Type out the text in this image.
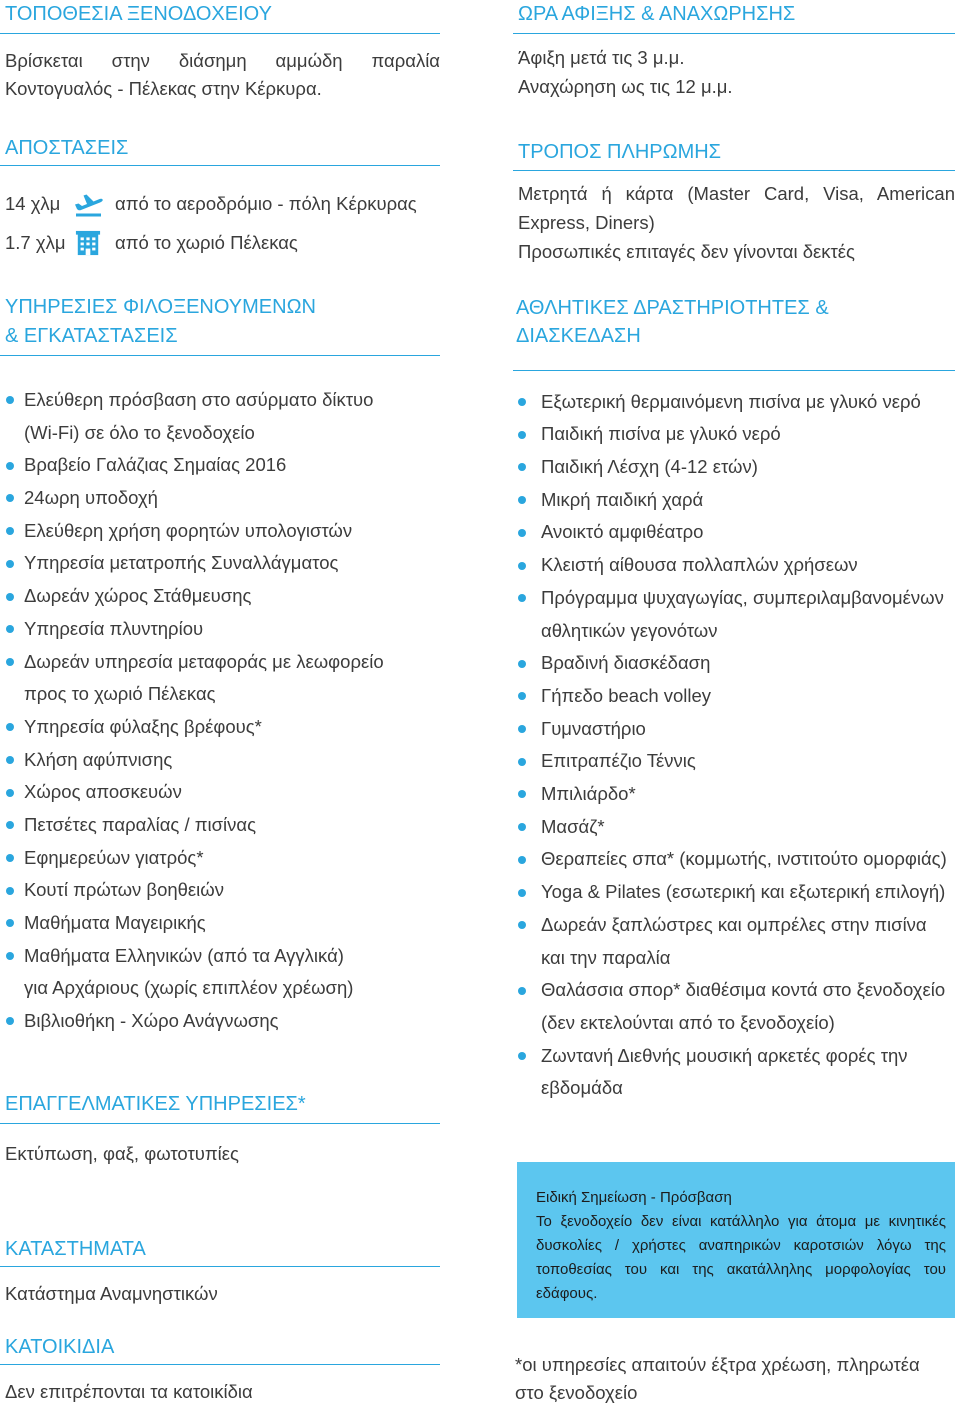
ΤΟΠΟΘΕΣΙΑ ΞΕΝΟΔΟΧΕΙΟΥ
Βρίσκεται στην διάσημη αμμώδη παραλία
Κοντογυαλός - Πέλεκας στην Κέρκυρα.
ΑΠΟΣΤΑΣΕΙΣ
14 χλμ	από το αεροδρόμιο - πόλη Κέρκυρας
1.7 χλμ	από το χωριό Πέλεκας
ΥΠΗΡΕΣΙΕΣ ΦΙΛΟΞΕΝΟΥΜΕΝΩΝ
& ΕΓΚΑΤΑΣΤΑΣΕΙΣ
Ελεύθερη πρόσβαση στο ασύρματο δίκτυο
(Wi-Fi) σε όλο το ξενοδοχείο
Βραβείο Γαλάζιας Σημαίας 2016
24ωρη υποδοχή
Ελεύθερη χρήση φορητών υπολογιστών
Υπηρεσία μετατροπής Συναλλάγματος
Δωρεάν χώρος Στάθμευσης
Υπηρεσία πλυντηρίου
Δωρεάν υπηρεσία μεταφοράς με λεωφορείο
προς το χωριό Πέλεκας
Υπηρεσία φύλαξης βρέφους*
Κλήση αφύπνισης
Χώρος αποσκευών
Πετσέτες παραλίας / πισίνας
Εφημερεύων γιατρός*
Κουτί πρώτων βοηθειών
Μαθήματα Μαγειρικής
Μαθήματα Ελληνικών (από τα Αγγλικά)
για Αρχάριους (χωρίς επιπλέον χρέωση)
Βιβλιοθήκη - Χώρο Ανάγνωσης
ΕΠΑΓΓΕΛΜΑΤΙΚΕΣ ΥΠΗΡΕΣΙΕΣ*
Εκτύπωση, φαξ, φωτοτυπίες
ΚΑΤΑΣΤΗΜΑΤΑ
Κατάστημα Αναμνηστικών
ΚΑΤΟΙΚΙΔΙΑ
Δεν επιτρέπονται τα κατοικίδια
ΩΡΑ ΑΦΙΞΗΣ & ΑΝΑΧΩΡΗΣΗΣ
Άφιξη μετά τις 3 μ.μ.
Αναχώρηση ως τις 12 μ.μ.
ΤΡΟΠΟΣ ΠΛΗΡΩΜΗΣ
Μετρητά ή κάρτα (Master Card, Visa, American
Express, Diners)
Προσωπικές επιταγές δεν γίνονται δεκτές
ΑΘΛΗΤΙΚΕΣ ΔΡΑΣΤΗΡΙΟΤΗΤΕΣ &
ΔΙΑΣΚΕΔΑΣΗ
Εξωτερική θερμαινόμενη πισίνα με γλυκό νερό
Παιδική πισίνα με γλυκό νερό
Παιδική Λέσχη (4-12 ετών)
Μικρή παιδική χαρά
Ανοικτό αμφιθέατρο
Κλειστή αίθουσα πολλαπλών χρήσεων
Πρόγραμμα ψυχαγωγίας, συμπεριλαμβανομένων
αθλητικών γεγονότων
Βραδινή διασκέδαση
Γήπεδο beach volley
Γυμναστήριο
Επιτραπέζιο Τέννις
Μπιλιάρδο*
Μασάζ*
Θεραπείες σπα* (κομμωτής, ινστιτούτο ομορφιάς)
Yoga & Pilates (εσωτερική και εξωτερική επιλογή)
Δωρεάν ξαπλώστρες και ομπρέλες στην πισίνα
και την παραλία
Θαλάσσια σπορ* διαθέσιμα κοντά στο ξενοδοχείο
(δεν εκτελούνται από το ξενοδοχείο)
Ζωντανή Διεθνής μουσική αρκετές φορές την
εβδομάδα
Ειδική Σημείωση - Πρόσβαση
Το ξενοδοχείο δεν είναι κατάλληλο για άτομα με κινητικές
δυσκολίες / χρήστες αναπηρικών καροτσιών λόγω της
τοποθεσίας του και της ακατάλληλης μορφολογίας του
εδάφους.
*οι υπηρεσίες απαιτούν έξτρα χρέωση, πληρωτέα
στο ξενοδοχείο
